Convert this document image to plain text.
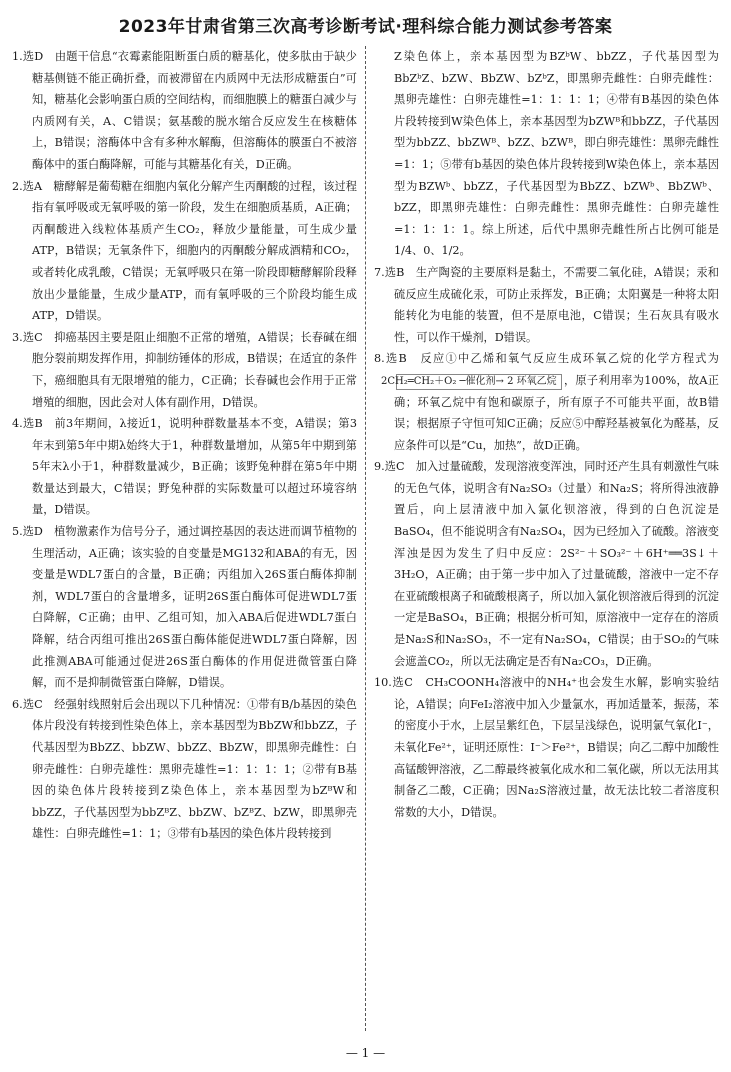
2023年甘肃省第三次高考诊断考试·理科综合能力测试参考答案

1.选D　由题干信息“衣霉素能阻断蛋白质的糖基化，使多肽由于缺少糖基侧链不能正确折叠，而被滞留在内质网中无法形成糖蛋白”可知，糖基化会影响蛋白质的空间结构，而细胞膜上的糖蛋白减少与内质网有关，A、C错误；氨基酸的脱水缩合反应发生在核糖体上，B错误；溶酶体中含有多种水解酶，但溶酶体的膜蛋白不被溶酶体中的蛋白酶降解，可能与其糖基化有关，D正确。

2.选A　糖酵解是葡萄糖在细胞内氧化分解产生丙酮酸的过程，该过程指有氧呼吸或无氧呼吸的第一阶段，发生在细胞质基质，A正确；丙酮酸进入线粒体基质产生CO₂，释放少量能量，可生成少量ATP，B错误；无氧条件下，细胞内的丙酮酸分解成酒精和CO₂，或者转化成乳酸，C错误；无氧呼吸只在第一阶段即糖酵解阶段释放出少量能量，生成少量ATP，而有氧呼吸的三个阶段均能生成ATP，D错误。

3.选C　抑癌基因主要是阻止细胞不正常的增殖，A错误；长春碱在细胞分裂前期发挥作用，抑制纺锤体的形成，B错误；在适宜的条件下，癌细胞具有无限增殖的能力，C正确；长春碱也会作用于正常增殖的细胞，因此会对人体有副作用，D错误。

4.选B　前3年期间，λ接近1，说明种群数量基本不变，A错误；第3年末到第5年中期λ始终大于1，种群数量增加，从第5年中期到第5年末λ小于1，种群数量减少，B正确；该野兔种群在第5年中期数量达到最大，C错误；野兔种群的实际数量可以超过环境容纳量，D错误。

5.选D　植物激素作为信号分子，通过调控基因的表达进而调节植物的生理活动，A正确；该实验的自变量是MG132和ABA的有无，因变量是WDL7蛋白的含量，B正确；丙组加入26S蛋白酶体抑制剂，WDL7蛋白的含量增多，证明26S蛋白酶体可促进WDL7蛋白降解，C正确；由甲、乙组可知，加入ABA后促进WDL7蛋白降解，结合丙组可推出26S蛋白酶体能促进WDL7蛋白降解，因此推测ABA可能通过促进26S蛋白酶体的作用促进微管蛋白降解，而不是抑制微管蛋白降解，D错误。

6.选C　经强射线照射后会出现以下几种情况：①带有B/b基因的染色体片段没有转接到性染色体上，亲本基因型为BbZW和bbZZ，子代基因型为BbZZ、bbZW、bbZZ、BbZW，即黑卵壳雌性：白卵壳雌性：白卵壳雄性：黑卵壳雄性=1：1：1：1；②带有B基因的染色体片段转接到Z染色体上，亲本基因型为bZᴮW和bbZZ，子代基因型为bbZᴮZ、bbZW、bZᴮZ、bZW，即黑卵壳雄性：白卵壳雌性=1：1；③带有b基因的染色体片段转接到

Z染色体上，亲本基因型为BZᵇW、bbZZ，子代基因型为BbZᵇZ、bZW、BbZW、bZᵇZ，即黑卵壳雌性：白卵壳雌性：黑卵壳雄性：白卵壳雄性=1：1：1：1；④带有B基因的染色体片段转接到W染色体上，亲本基因型为bZWᴮ和bbZZ，子代基因型为bbZZ、bbZWᴮ、bZZ、bZWᴮ，即白卵壳雄性：黑卵壳雌性=1：1；⑤带有b基因的染色体片段转接到W染色体上，亲本基因型为BZWᵇ、bbZZ，子代基因型为BbZZ、bZWᵇ、BbZWᵇ、bZZ，即黑卵壳雄性：白卵壳雌性：黑卵壳雌性：白卵壳雄性=1：1：1：1。综上所述，后代中黑卵壳雌性所占比例可能是1/4、0、1/2。

7.选B　生产陶瓷的主要原料是黏土，不需要二氧化硅，A错误；汞和硫反应生成硫化汞，可防止汞挥发，B正确；太阳翼是一种将太阳能转化为电能的装置，但不是原电池，C错误；生石灰具有吸水性，可以作干燥剂，D错误。

8.选B　反应①中乙烯和氧气反应生成环氧乙烷的化学方程式为2CH₂═CH₂＋O₂ ─催化剂→ 2 环氧乙烷 ，原子利用率为100%，故A正确；环氧乙烷中有饱和碳原子，所有原子不可能共平面，故B错误；根据原子守恒可知C正确；反应⑤中醇羟基被氧化为醛基，反应条件可以是“Cu，加热”，故D正确。

9.选C　加入过量硫酸，发现溶液变浑浊，同时还产生具有刺激性气味的无色气体，说明含有Na₂SO₃（过量）和Na₂S；将所得浊液静置后，向上层清液中加入氯化钡溶液，得到的白色沉淀是BaSO₄，但不能说明含有Na₂SO₄，因为已经加入了硫酸。溶液变浑浊是因为发生了归中反应：2S²⁻＋SO₃²⁻＋6H⁺══3S↓＋3H₂O，A正确；由于第一步中加入了过量硫酸，溶液中一定不存在亚硫酸根离子和硫酸根离子，所以加入氯化钡溶液后得到的沉淀一定是BaSO₄，B正确；根据分析可知，原溶液中一定存在的溶质是Na₂S和Na₂SO₃，不一定有Na₂SO₄，C错误；由于SO₂的气味会遮盖CO₂，所以无法确定是否有Na₂CO₃，D正确。

10.选C　CH₃COONH₄溶液中的NH₄⁺也会发生水解，影响实验结论，A错误；向FeI₂溶液中加入少量氯水，再加适量苯，振荡，苯的密度小于水，上层呈紫红色，下层呈浅绿色，说明氯气氧化I⁻，未氧化Fe²⁺，证明还原性：I⁻＞Fe²⁺，B错误；向乙二醇中加酸性高锰酸钾溶液，乙二醇最终被氧化成水和二氧化碳，所以无法用其制备乙二酸，C正确；因Na₂S溶液过量，故无法比较二者溶度积常数的大小，D错误。

— 1 —
